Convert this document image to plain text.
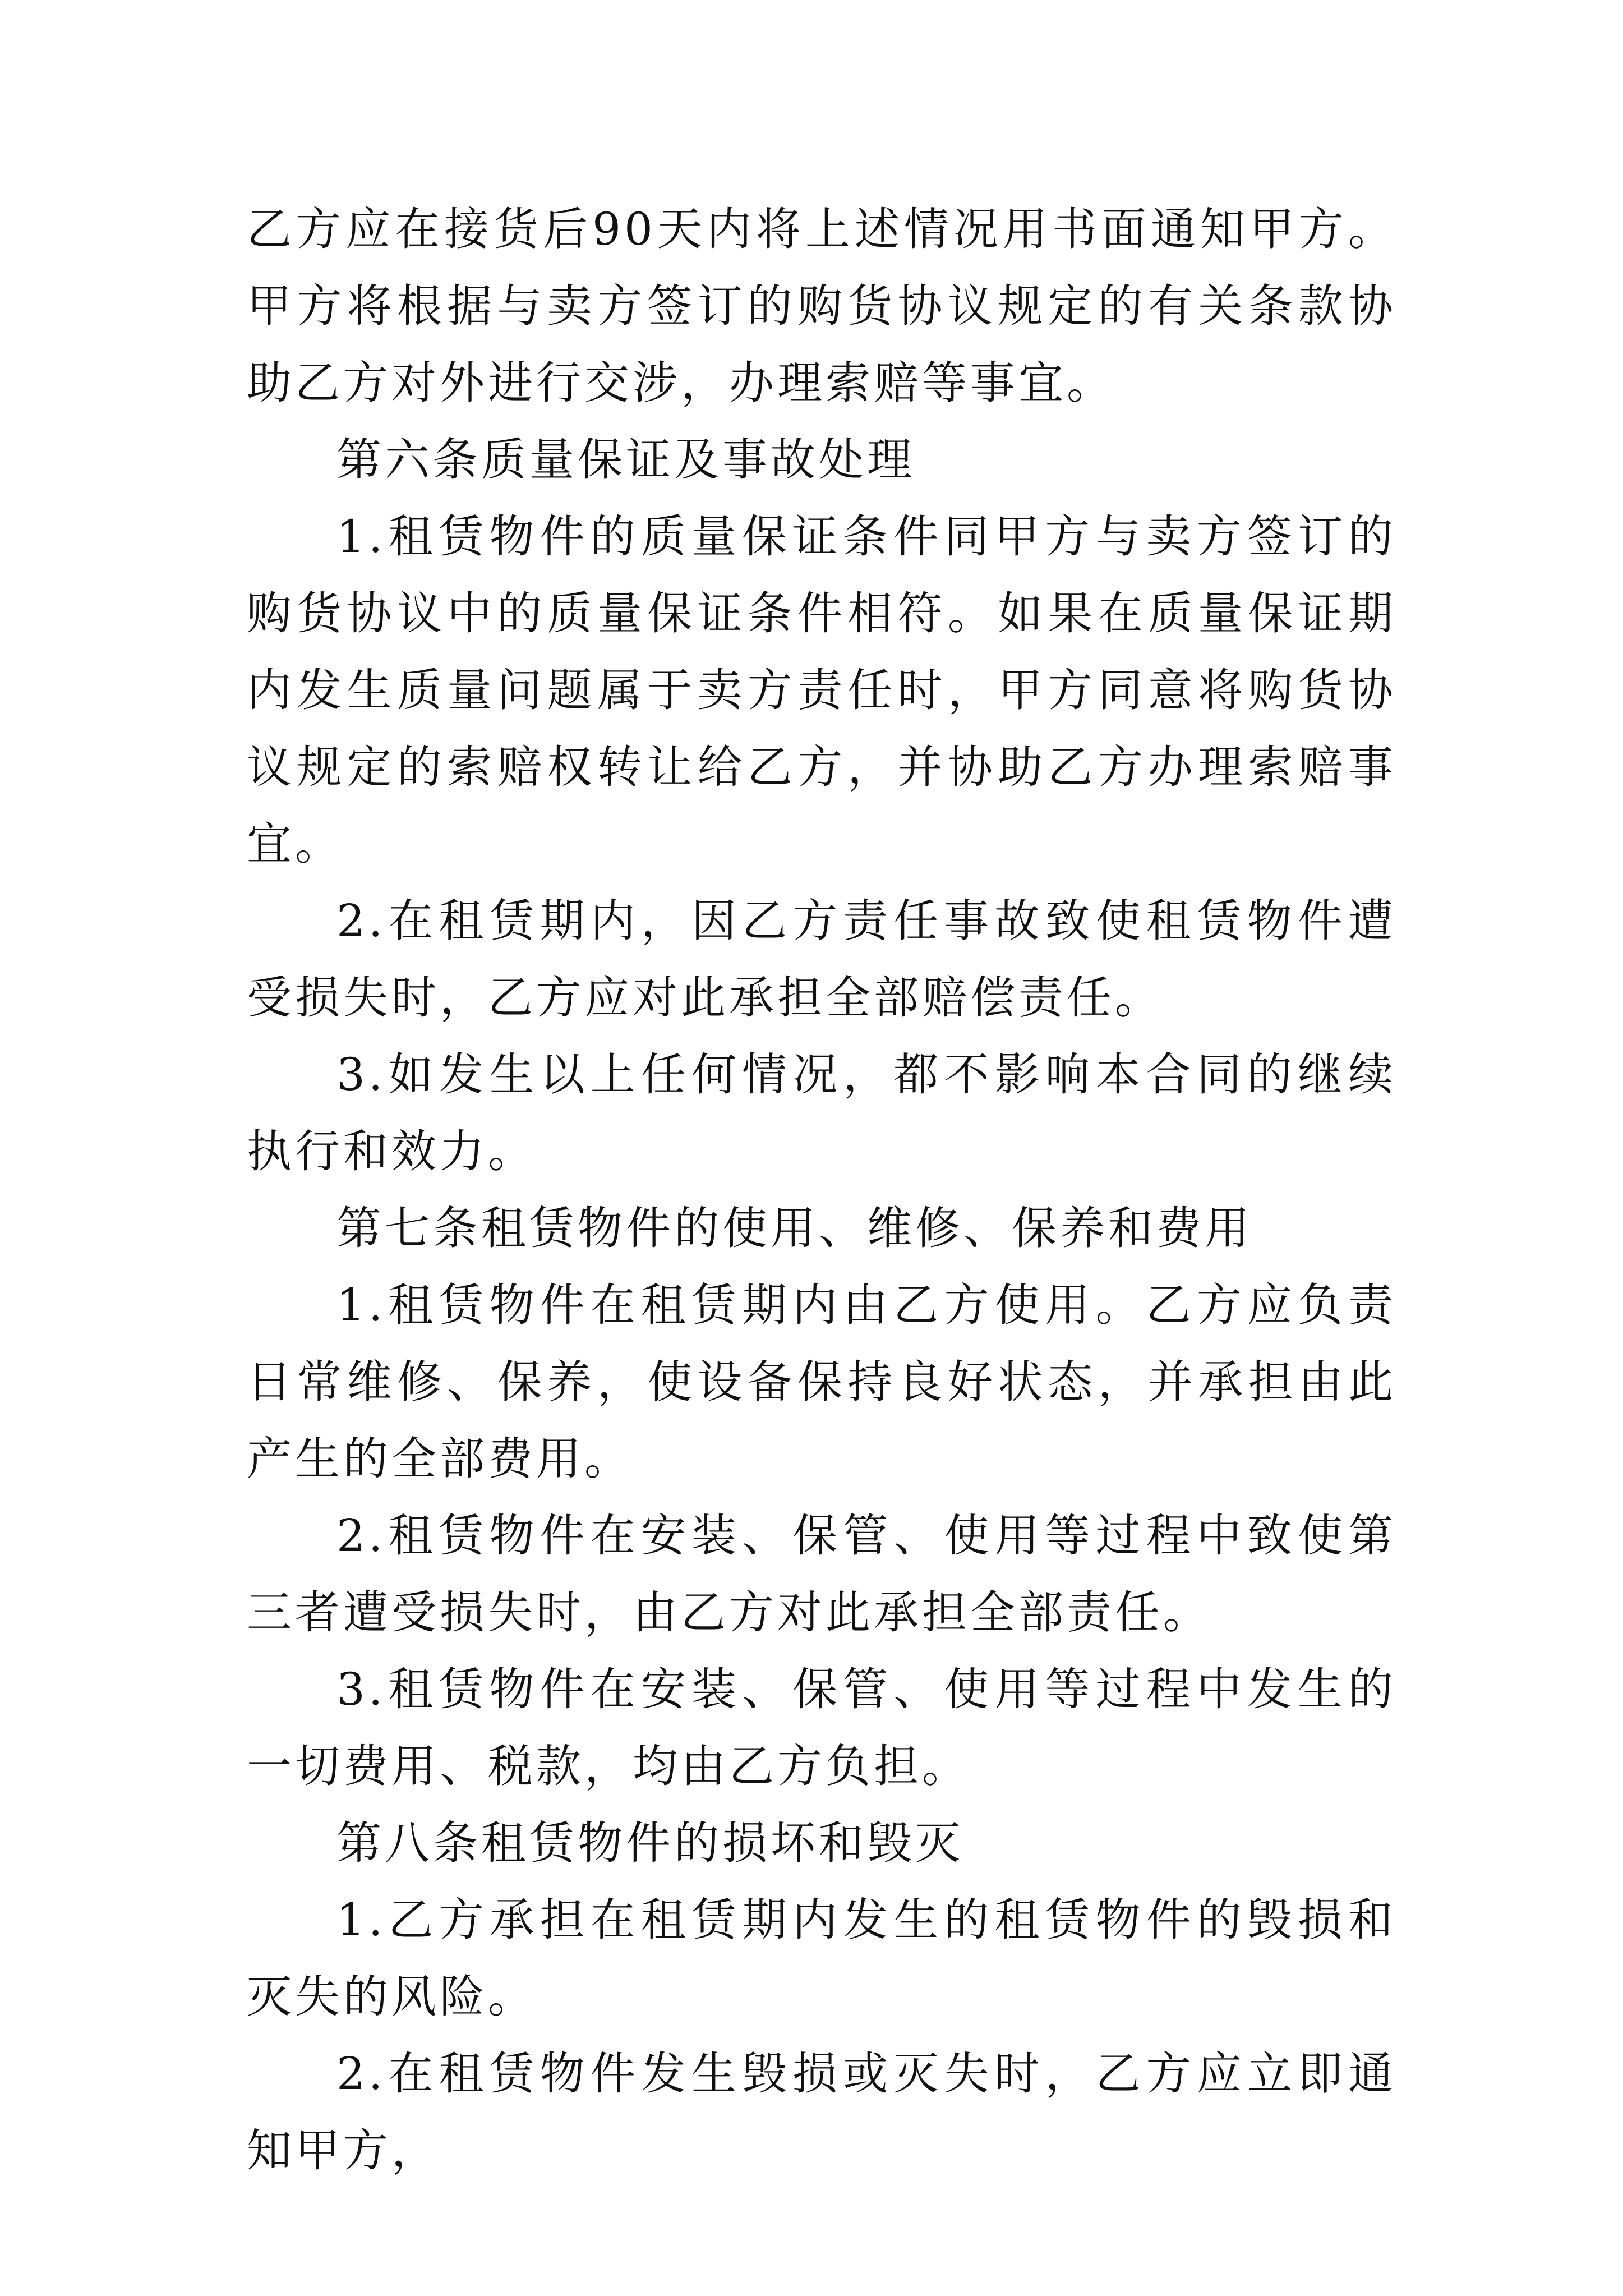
乙方应在接货后90天内将上述情况用书面通知甲方。甲方将根据与卖方签订的购货协议规定的有关条款协助乙方对外进行交涉，办理索赔等事宜。

第六条质量保证及事故处理

1.租赁物件的质量保证条件同甲方与卖方签订的购货协议中的质量保证条件相符。如果在质量保证期内发生质量问题属于卖方责任时，甲方同意将购货协议规定的索赔权转让给乙方，并协助乙方办理索赔事宜。

2.在租赁期内，因乙方责任事故致使租赁物件遭受损失时，乙方应对此承担全部赔偿责任。

3.如发生以上任何情况，都不影响本合同的继续执行和效力。

第七条租赁物件的使用、维修、保养和费用

1.租赁物件在租赁期内由乙方使用。乙方应负责日常维修、保养，使设备保持良好状态，并承担由此产生的全部费用。

2.租赁物件在安装、保管、使用等过程中致使第三者遭受损失时，由乙方对此承担全部责任。

3.租赁物件在安装、保管、使用等过程中发生的一切费用、税款，均由乙方负担。

第八条租赁物件的损坏和毁灭

1.乙方承担在租赁期内发生的租赁物件的毁损和灭失的风险。

2.在租赁物件发生毁损或灭失时，乙方应立即通知甲方，
